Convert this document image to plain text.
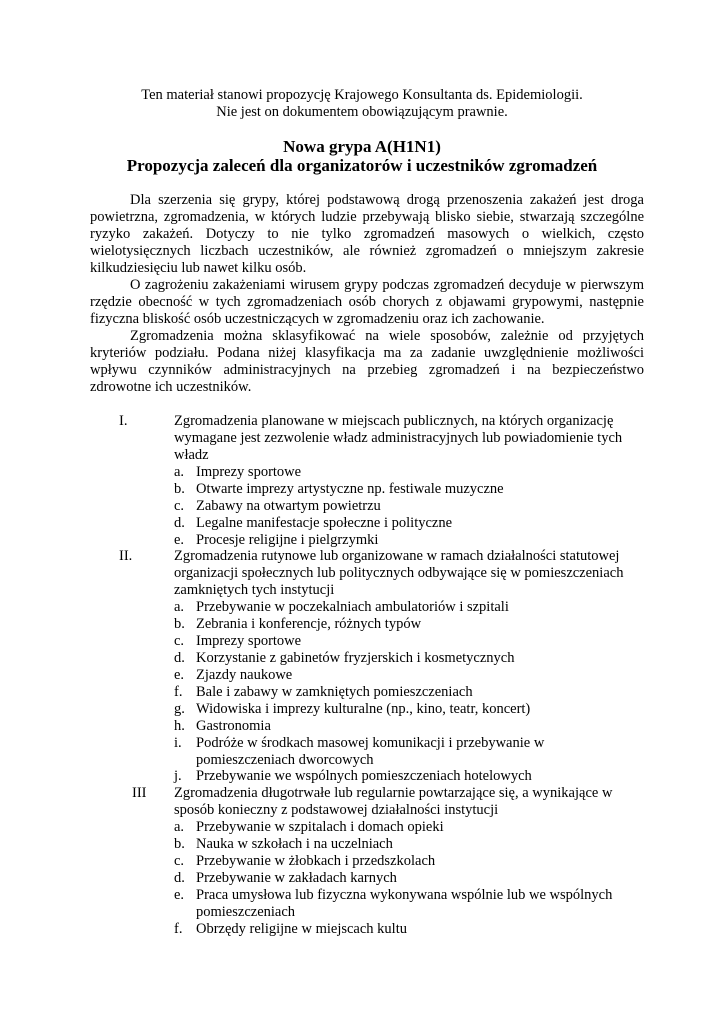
Ten materiał stanowi propozycję Krajowego Konsultanta ds. Epidemiologii.
Nie jest on dokumentem obowiązującym prawnie.
Nowa grypa A(H1N1)
Propozycja zaleceń dla organizatorów i uczestników zgromadzeń

Dla szerzenia się grypy, której podstawową drogą przenoszenia zakażeń jest droga powietrzna, zgromadzenia, w których ludzie przebywają blisko siebie, stwarzają szczególne ryzyko zakażeń. Dotyczy to nie tylko zgromadzeń masowych o wielkich, często wielotysięcznych liczbach uczestników, ale również zgromadzeń o mniejszym zakresie kilkudziesięciu lub nawet kilku osób.

O zagrożeniu zakażeniami wirusem grypy podczas zgromadzeń decyduje w pierwszym rzędzie obecność w tych zgromadzeniach osób chorych z objawami grypowymi, następnie fizyczna bliskość osób uczestniczących w zgromadzeniu oraz ich zachowanie.

Zgromadzenia można sklasyfikować na wiele sposobów, zależnie od przyjętych kryteriów podziału. Podana niżej klasyfikacja ma za zadanie uwzględnienie możliwości wpływu czynników administracyjnych na przebieg zgromadzeń i na bezpieczeństwo zdrowotne ich uczestników.

I.	Zgromadzenia planowane w miejscach publicznych, na których organizację wymagane jest zezwolenie władz administracyjnych lub powiadomienie tych władz
a. Imprezy sportowe
b. Otwarte imprezy artystyczne np. festiwale muzyczne
c. Zabawy na otwartym powietrzu
d. Legalne manifestacje społeczne i polityczne
e. Procesje religijne i pielgrzymki
II.	Zgromadzenia rutynowe lub organizowane w ramach działalności statutowej organizacji społecznych lub politycznych odbywające się w pomieszczeniach zamkniętych tych instytucji
a. Przebywanie w poczekalniach ambulatoriów i szpitali
b. Zebrania i konferencje, różnych typów
c. Imprezy sportowe
d. Korzystanie z gabinetów fryzjerskich i kosmetycznych
e. Zjazdy naukowe
f. Bale i zabawy w zamkniętych pomieszczeniach
g. Widowiska i imprezy kulturalne (np., kino, teatr, koncert)
h. Gastronomia
i. Podróże w środkach masowej komunikacji i przebywanie w pomieszczeniach dworcowych
j. Przebywanie we wspólnych pomieszczeniach hotelowych
III Zgromadzenia długotrwałe lub regularnie powtarzające się, a wynikające w sposób konieczny z podstawowej działalności instytucji
a. Przebywanie w szpitalach i domach opieki
b. Nauka w szkołach i na uczelniach
c. Przebywanie w żłobkach i przedszkolach
d. Przebywanie w zakładach karnych
e. Praca umysłowa lub fizyczna wykonywana wspólnie lub we wspólnych pomieszczeniach
f. Obrzędy religijne w miejscach kultu
